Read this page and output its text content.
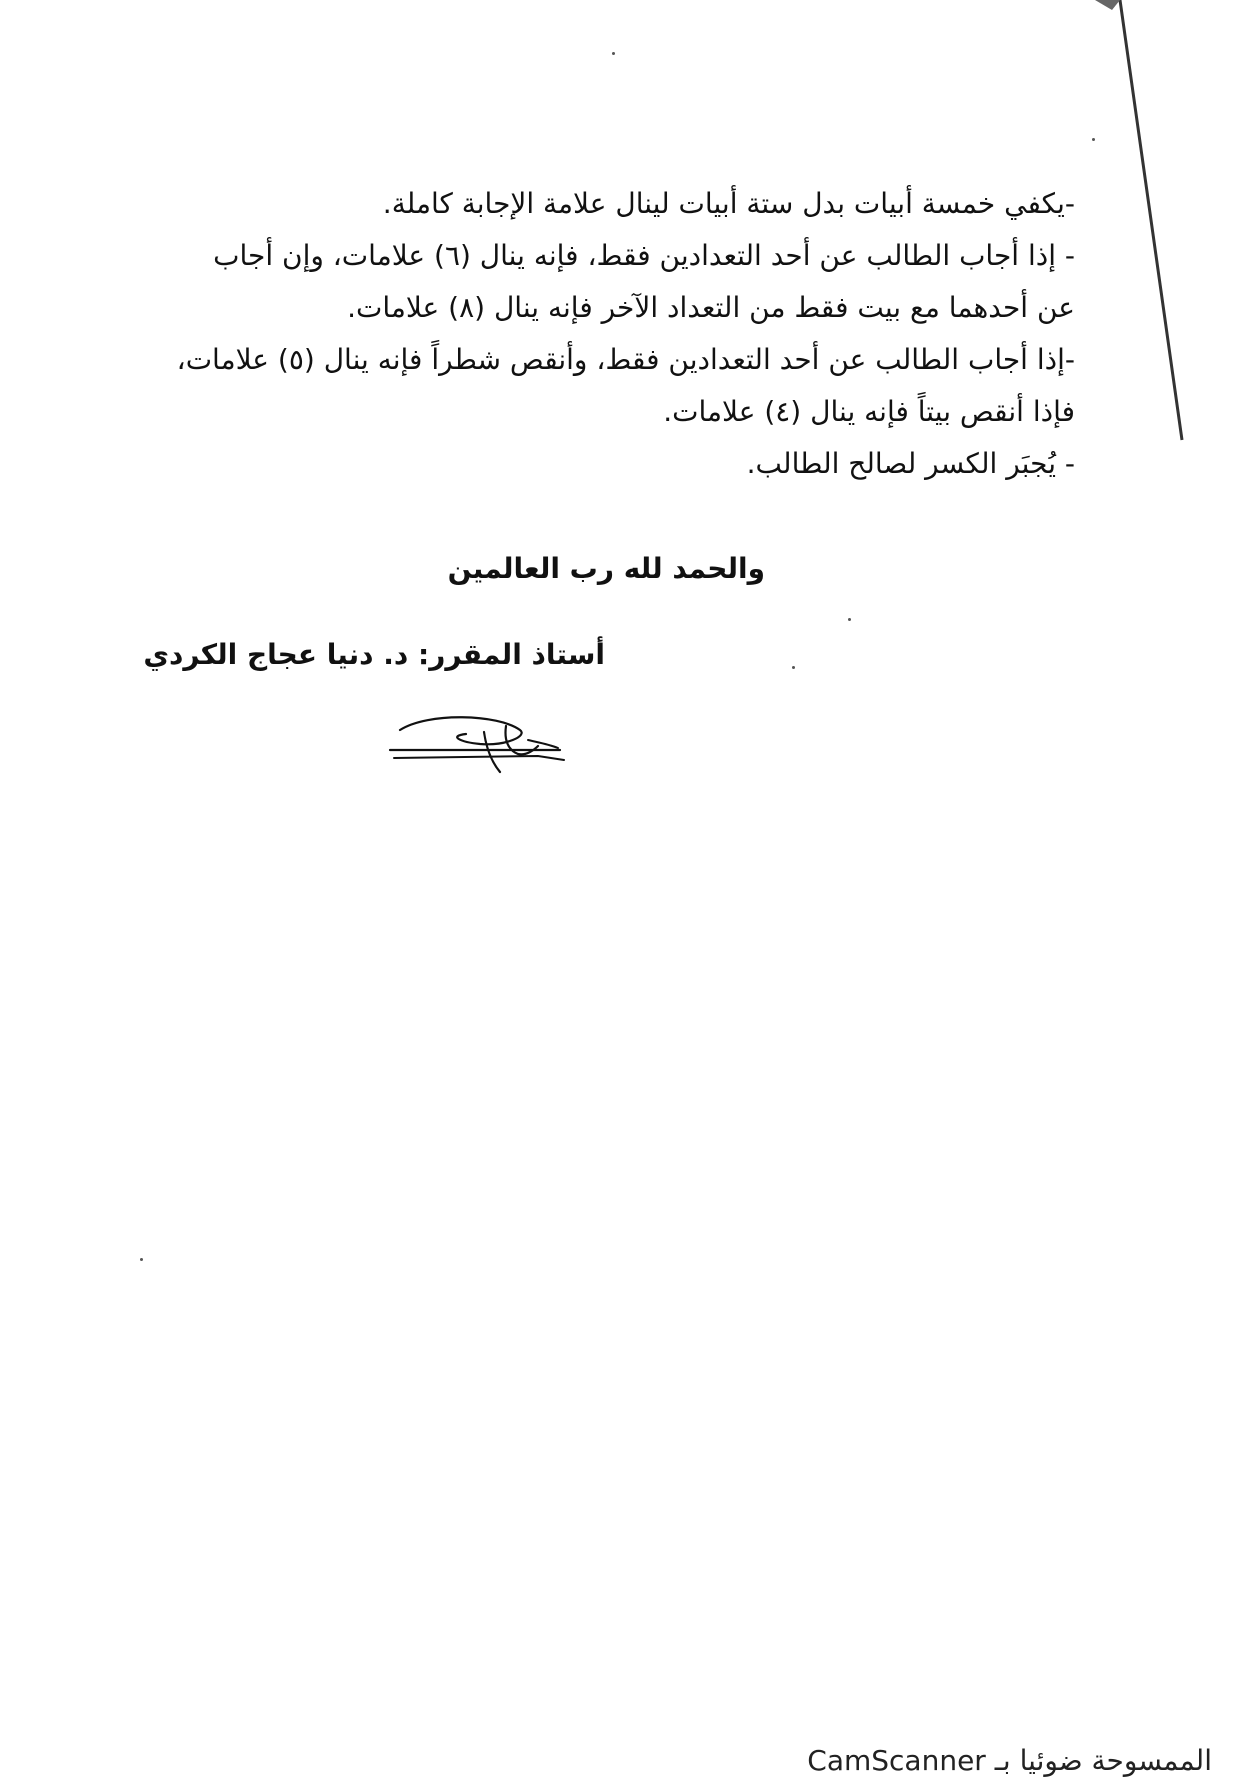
-يكفي خمسة أبيات بدل ستة أبيات لينال علامة الإجابة كاملة.

- إذا أجاب الطالب عن أحد التعدادين فقط، فإنه ينال (٦) علامات، وإن أجاب

عن أحدهما مع بيت فقط من التعداد الآخر فإنه ينال (٨) علامات.

-إذا أجاب الطالب عن أحد التعدادين فقط، وأنقص شطراً فإنه ينال (٥) علامات،

فإذا أنقص بيتاً فإنه ينال (٤) علامات.

- يُجبَر الكسر لصالح الطالب.

والحمد لله رب العالمين
أستاذ المقرر: د. دنيا عجاج الكردي
الممسوحة ضوئيا بـ CamScanner
